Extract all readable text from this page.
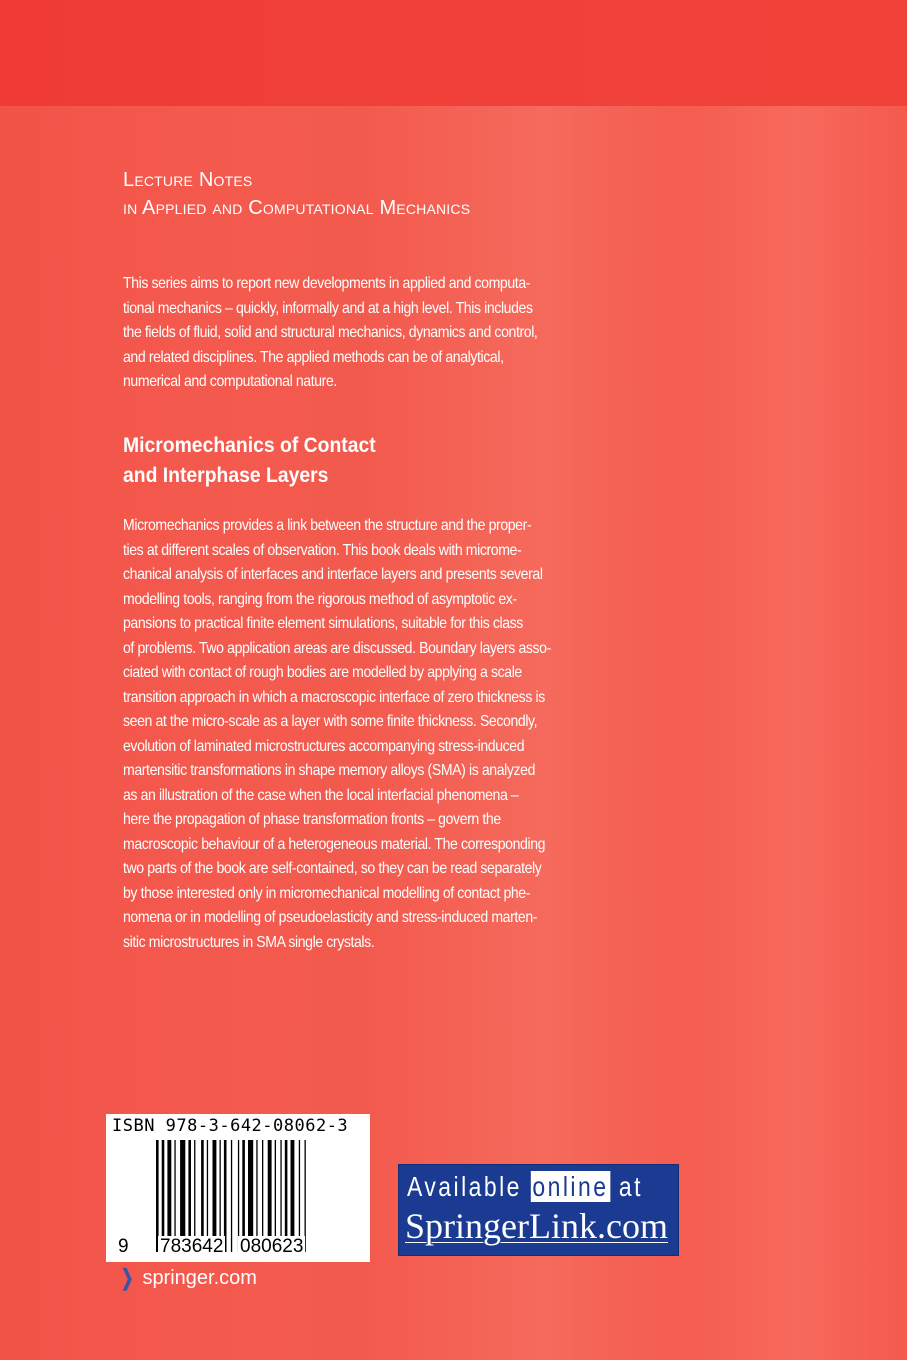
Lecture Notes
in Applied and Computational Mechanics
This series aims to report new developments in applied and computa-
tional mechanics – quickly, informally and at a high level. This includes
the fields of fluid, solid and structural mechanics, dynamics and control,
and related disciplines. The applied methods can be of analytical,
numerical and computational nature.
Micromechanics of Contact
and Interphase Layers
Micromechanics provides a link between the structure and the proper-
ties at different scales of observation. This book deals with microme-
chanical analysis of interfaces and interface layers and presents several
modelling tools, ranging from the rigorous method of asymptotic ex-
pansions to practical finite element simulations, suitable for this class
of problems. Two application areas are discussed. Boundary layers asso-
ciated with contact of rough bodies are modelled by applying a scale
transition approach in which a macroscopic interface of zero thickness is
seen at the micro-scale as a layer with some finite thickness. Secondly,
evolution of laminated microstructures accompanying stress-induced
martensitic transformations in shape memory alloys (SMA) is analyzed
as an illustration of the case when the local interfacial phenomena –
here the propagation of phase transformation fronts – govern the
macroscopic behaviour of a heterogeneous material. The corresponding
two parts of the book are self-contained, so they can be read separately
by those interested only in micromechanical modelling of contact phe-
nomena or in modelling of pseudoelasticity and stress-induced marten-
sitic microstructures in SMA single crystals.
ISBN 978-3-642-08062-3
9 783642 080623
❯ springer.com
Available online at
SpringerLink.com
